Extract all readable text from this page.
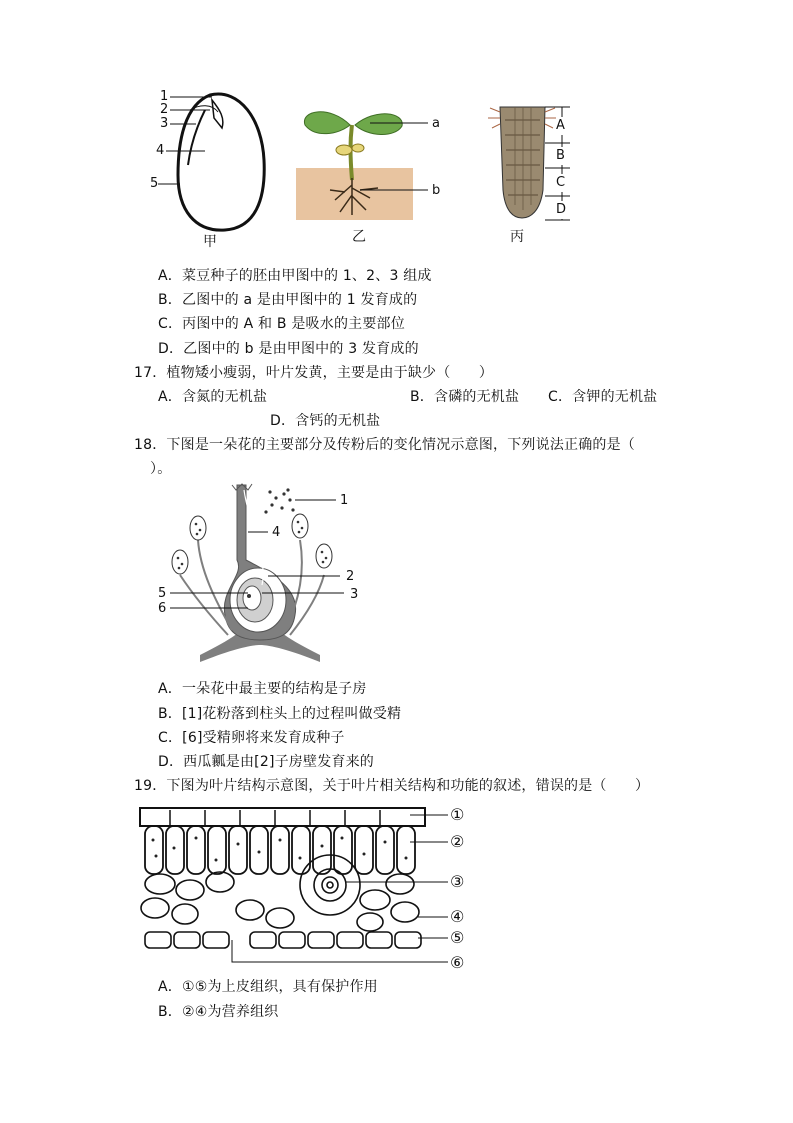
1
2
3
4
5
甲
a
b
乙
A
B
C
D
丙
A．菜豆种子的胚由甲图中的 1、2、3 组成
B．乙图中的 a 是由甲图中的 1 发育成的
C．丙图中的 A 和 B 是吸水的主要部位
D．乙图中的 b 是由甲图中的 3 发育成的
17．植物矮小瘦弱，叶片发黄，主要是由于缺少（　　）
A．含氮的无机盐	B．含磷的无机盐 C．含钾的无机盐
D．含钙的无机盐
18．下图是一朵花的主要部分及传粉后的变化情况示意图，下列说法正确的是（
）。
1
2
3
4
5
6
A．一朵花中最主要的结构是子房
B．[1]花粉落到柱头上的过程叫做受精
C．[6]受精卵将来发育成种子
D．西瓜瓤是由[2]子房壁发育来的
19．下图为叶片结构示意图，关于叶片相关结构和功能的叙述，错误的是（　　）
①
②
③
④
⑤
⑥
A．①⑤为上皮组织，具有保护作用
B．②④为营养组织
